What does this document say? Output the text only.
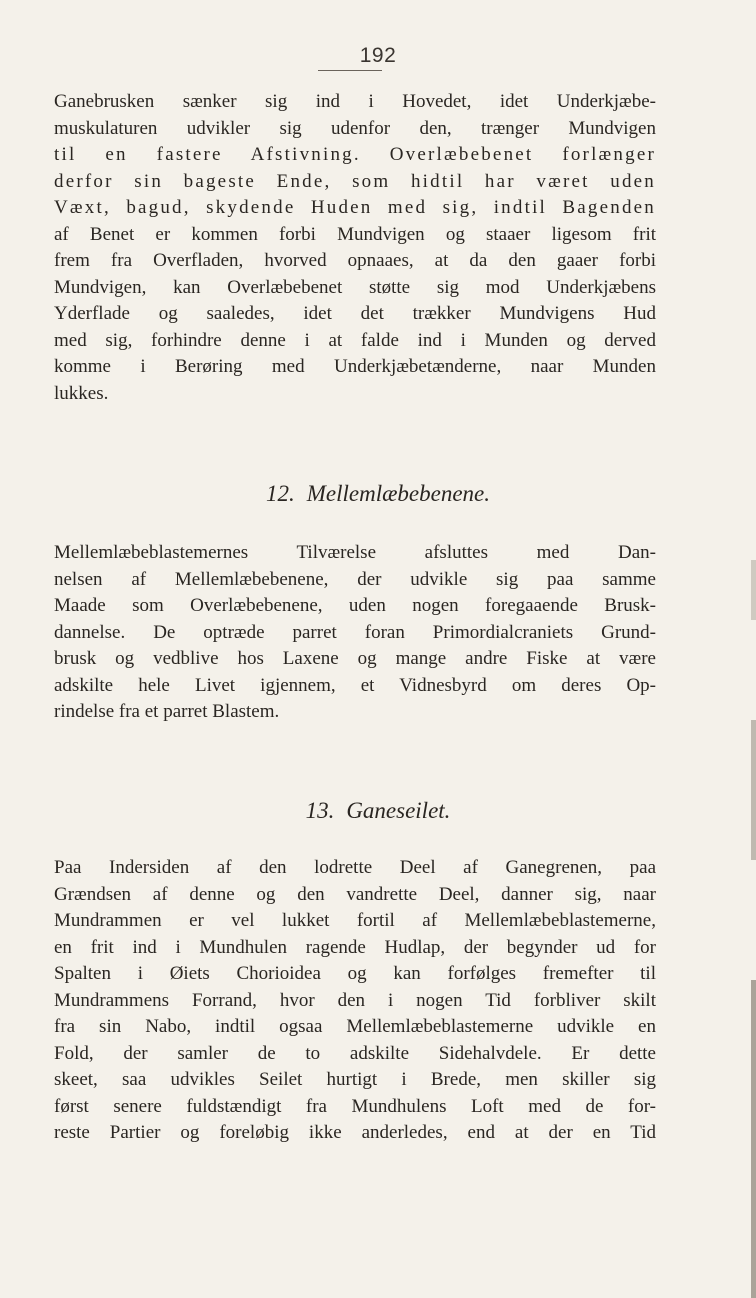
192
Ganebrusken sænker sig ind i Hovedet, idet Underkjæbe-
muskulaturen udvikler sig udenfor den, trænger Mundvigen
til en fastere Afstivning. Overlæbebenet forlænger
derfor sin bageste Ende, som hidtil har været uden
Væxt, bagud, skydende Huden med sig, indtil Bagenden
af Benet er kommen forbi Mundvigen og staaer ligesom frit
frem fra Overfladen, hvorved opnaaes, at da den gaaer forbi
Mundvigen, kan Overlæbebenet støtte sig mod Underkjæbens
Yderflade og saaledes, idet det trækker Mundvigens Hud
med sig, forhindre denne i at falde ind i Munden og derved
komme i Berøring med Underkjæbetænderne, naar Munden
lukkes.
12. Mellemlæbebenene.
Mellemlæbeblastemernes Tilværelse afsluttes med Dan-
nelsen af Mellemlæbebenene, der udvikle sig paa samme
Maade som Overlæbebenene, uden nogen foregaaende Brusk-
dannelse. De optræde parret foran Primordialcraniets Grund-
brusk og vedblive hos Laxene og mange andre Fiske at være
adskilte hele Livet igjennem, et Vidnesbyrd om deres Op-
rindelse fra et parret Blastem.
13. Ganeseilet.
Paa Indersiden af den lodrette Deel af Ganegrenen, paa
Grændsen af denne og den vandrette Deel, danner sig, naar
Mundrammen er vel lukket fortil af Mellemlæbeblastemerne,
en frit ind i Mundhulen ragende Hudlap, der begynder ud for
Spalten i Øiets Chorioidea og kan forfølges fremefter til
Mundrammens Forrand, hvor den i nogen Tid forbliver skilt
fra sin Nabo, indtil ogsaa Mellemlæbeblastemerne udvikle en
Fold, der samler de to adskilte Sidehalvdele. Er dette
skeet, saa udvikles Seilet hurtigt i Brede, men skiller sig
først senere fuldstændigt fra Mundhulens Loft med de for-
reste Partier og foreløbig ikke anderledes, end at der en Tid
